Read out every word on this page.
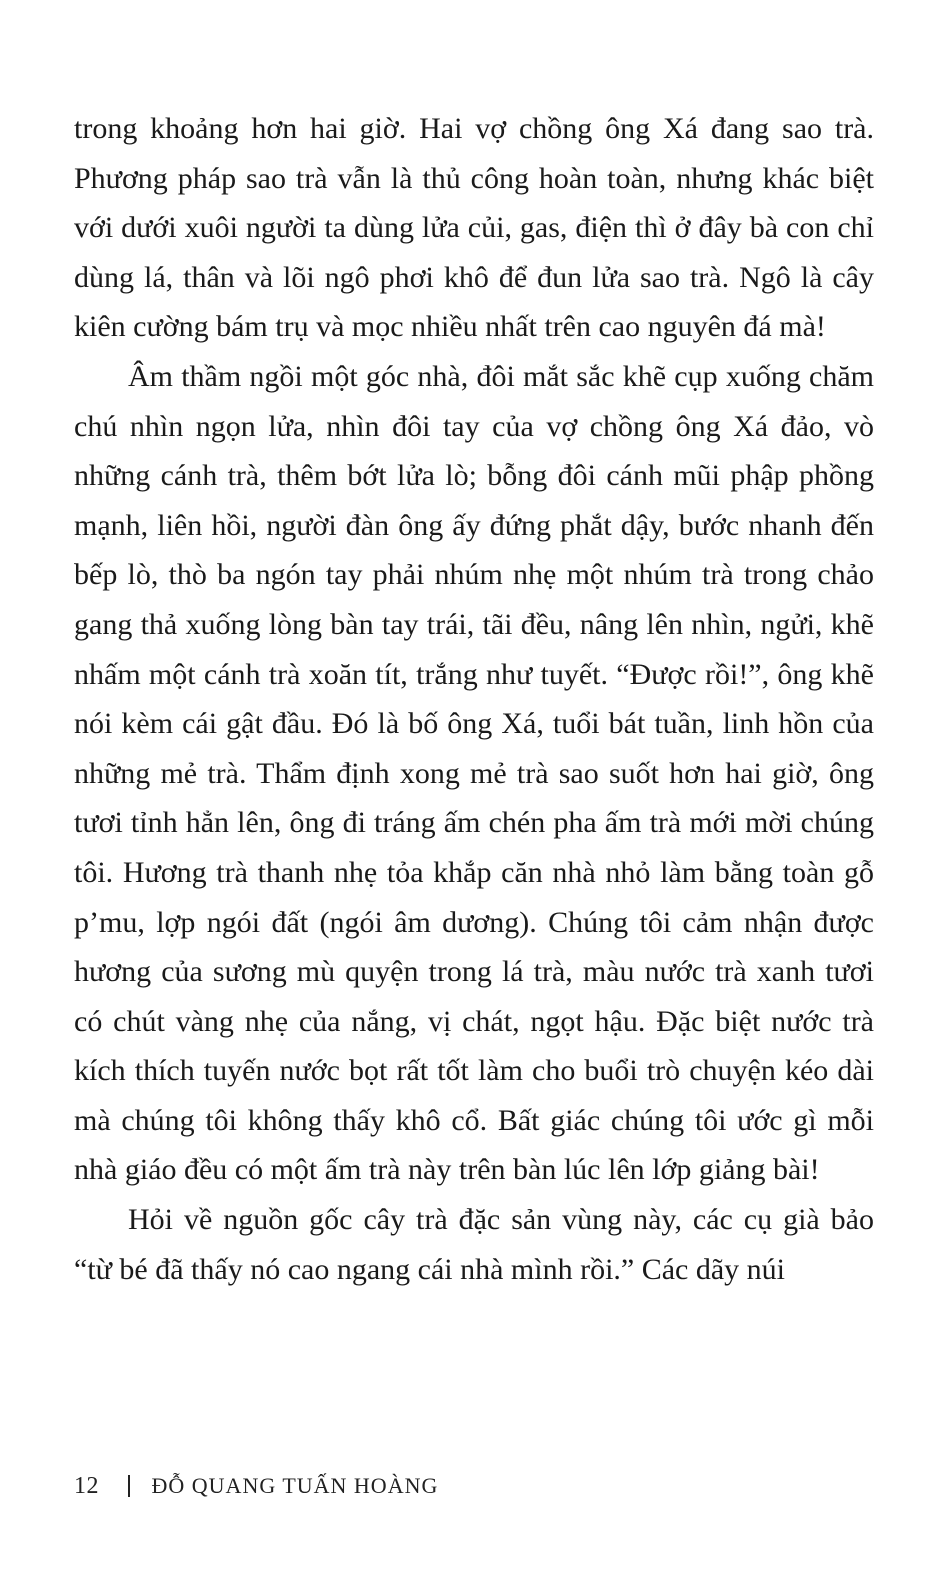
trong khoảng hơn hai giờ. Hai vợ chồng ông Xá đang sao trà. Phương pháp sao trà vẫn là thủ công hoàn toàn, nhưng khác biệt với dưới xuôi người ta dùng lửa củi, gas, điện thì ở đây bà con chỉ dùng lá, thân và lõi ngô phơi khô để đun lửa sao trà. Ngô là cây kiên cường bám trụ và mọc nhiều nhất trên cao nguyên đá mà!

Âm thầm ngồi một góc nhà, đôi mắt sắc khẽ cụp xuống chăm chú nhìn ngọn lửa, nhìn đôi tay của vợ chồng ông Xá đảo, vò những cánh trà, thêm bớt lửa lò; bỗng đôi cánh mũi phập phồng mạnh, liên hồi, người đàn ông ấy đứng phắt dậy, bước nhanh đến bếp lò, thò ba ngón tay phải nhúm nhẹ một nhúm trà trong chảo gang thả xuống lòng bàn tay trái, tãi đều, nâng lên nhìn, ngửi, khẽ nhấm một cánh trà xoăn tít, trắng như tuyết. “Được rồi!”, ông khẽ nói kèm cái gật đầu. Đó là bố ông Xá, tuổi bát tuần, linh hồn của những mẻ trà. Thẩm định xong mẻ trà sao suốt hơn hai giờ, ông tươi tỉnh hẳn lên, ông đi tráng ấm chén pha ấm trà mới mời chúng tôi. Hương trà thanh nhẹ tỏa khắp căn nhà nhỏ làm bằng toàn gỗ p’mu, lợp ngói đất (ngói âm dương). Chúng tôi cảm nhận được hương của sương mù quyện trong lá trà, màu nước trà xanh tươi có chút vàng nhẹ của nắng, vị chát, ngọt hậu. Đặc biệt nước trà kích thích tuyến nước bọt rất tốt làm cho buổi trò chuyện kéo dài mà chúng tôi không thấy khô cổ. Bất giác chúng tôi ước gì mỗi nhà giáo đều có một ấm trà này trên bàn lúc lên lớp giảng bài!

Hỏi về nguồn gốc cây trà đặc sản vùng này, các cụ già bảo “từ bé đã thấy nó cao ngang cái nhà mình rồi.” Các dãy núi

12	ĐỖ QUANG TUẤN HOÀNG
